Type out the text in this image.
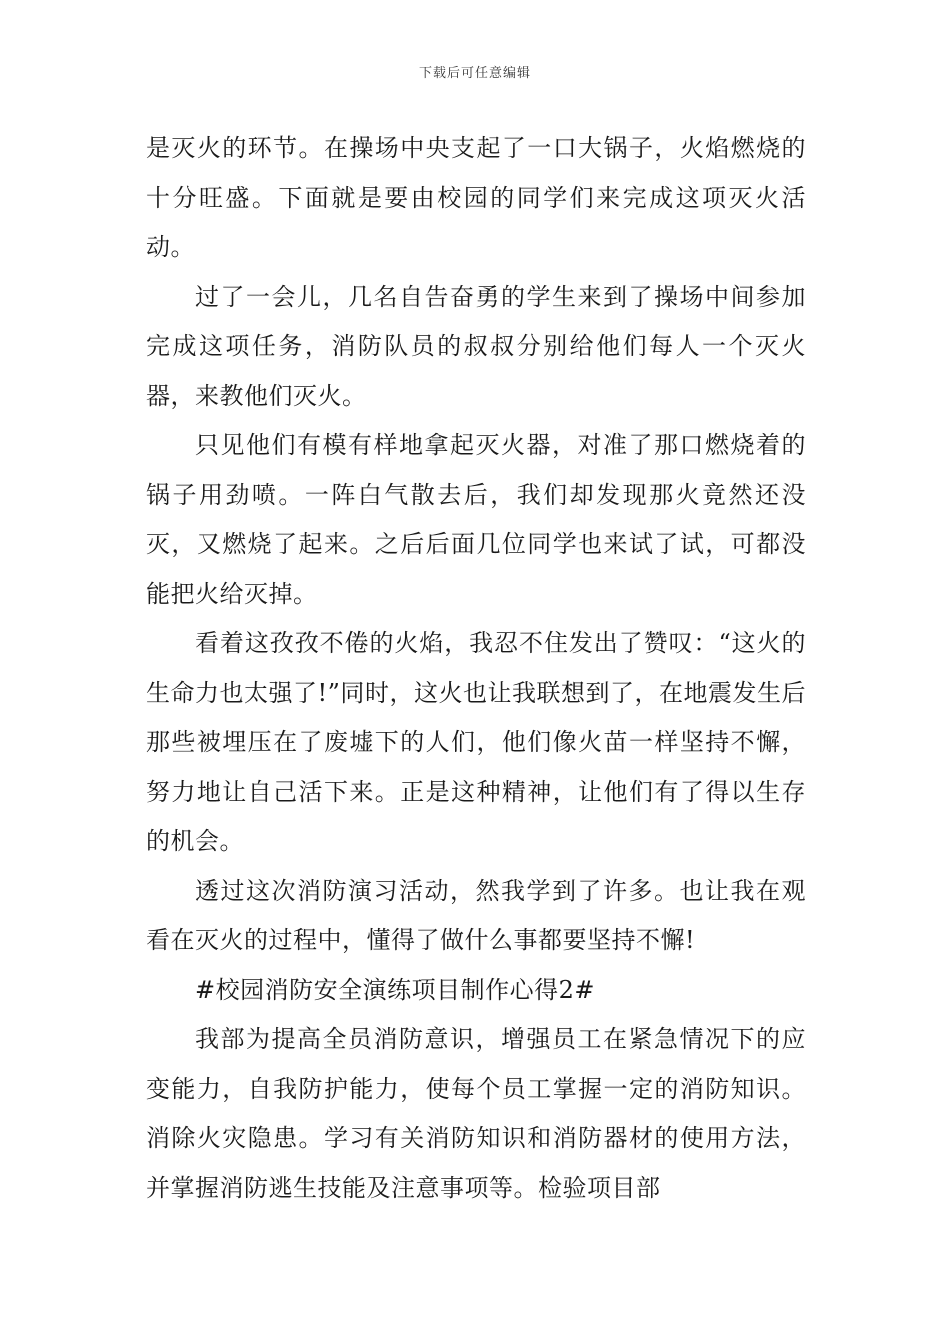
下载后可任意编辑

是灭火的环节。在操场中央支起了一口大锅子，火焰燃烧的十分旺盛。下面就是要由校园的同学们来完成这项灭火活动。

过了一会儿，几名自告奋勇的学生来到了操场中间参加完成这项任务，消防队员的叔叔分别给他们每人一个灭火器，来教他们灭火。

只见他们有模有样地拿起灭火器，对准了那口燃烧着的锅子用劲喷。一阵白气散去后，我们却发现那火竟然还没灭，又燃烧了起来。之后后面几位同学也来试了试，可都没能把火给灭掉。

看着这孜孜不倦的火焰，我忍不住发出了赞叹：“这火的生命力也太强了!”同时，这火也让我联想到了，在地震发生后那些被埋压在了废墟下的人们，他们像火苗一样坚持不懈，努力地让自己活下来。正是这种精神，让他们有了得以生存的机会。

透过这次消防演习活动，然我学到了许多。也让我在观看在灭火的过程中，懂得了做什么事都要坚持不懈!

#校园消防安全演练项目制作心得2#

我部为提高全员消防意识，增强员工在紧急情况下的应变能力，自我防护能力，使每个员工掌握一定的消防知识。消除火灾隐患。学习有关消防知识和消防器材的使用方法，并掌握消防逃生技能及注意事项等。检验项目部
